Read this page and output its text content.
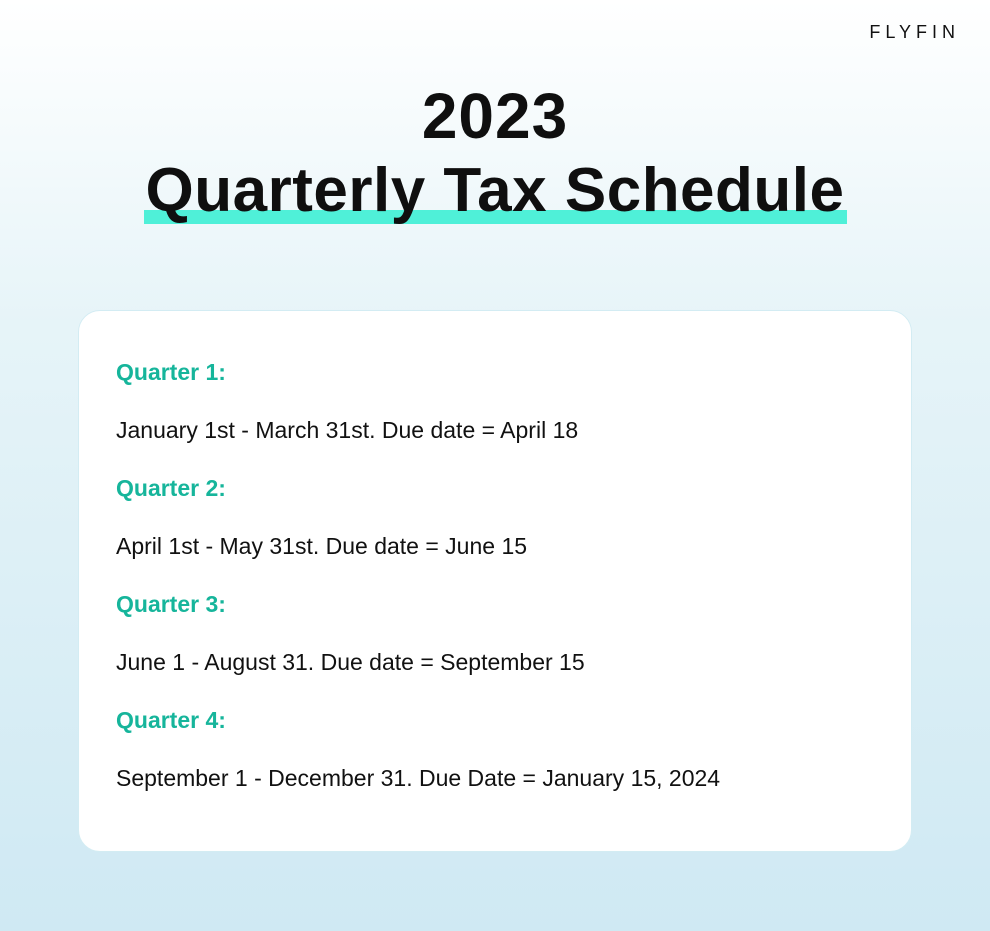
FLYFIN
2023
Quarterly Tax Schedule
Quarter 1:
January 1st - March 31st. Due date = April 18
Quarter 2:
April 1st - May 31st. Due date = June 15
Quarter 3:
June 1 - August 31. Due date = September 15
Quarter 4:
September 1 - December 31. Due Date = January 15, 2024
